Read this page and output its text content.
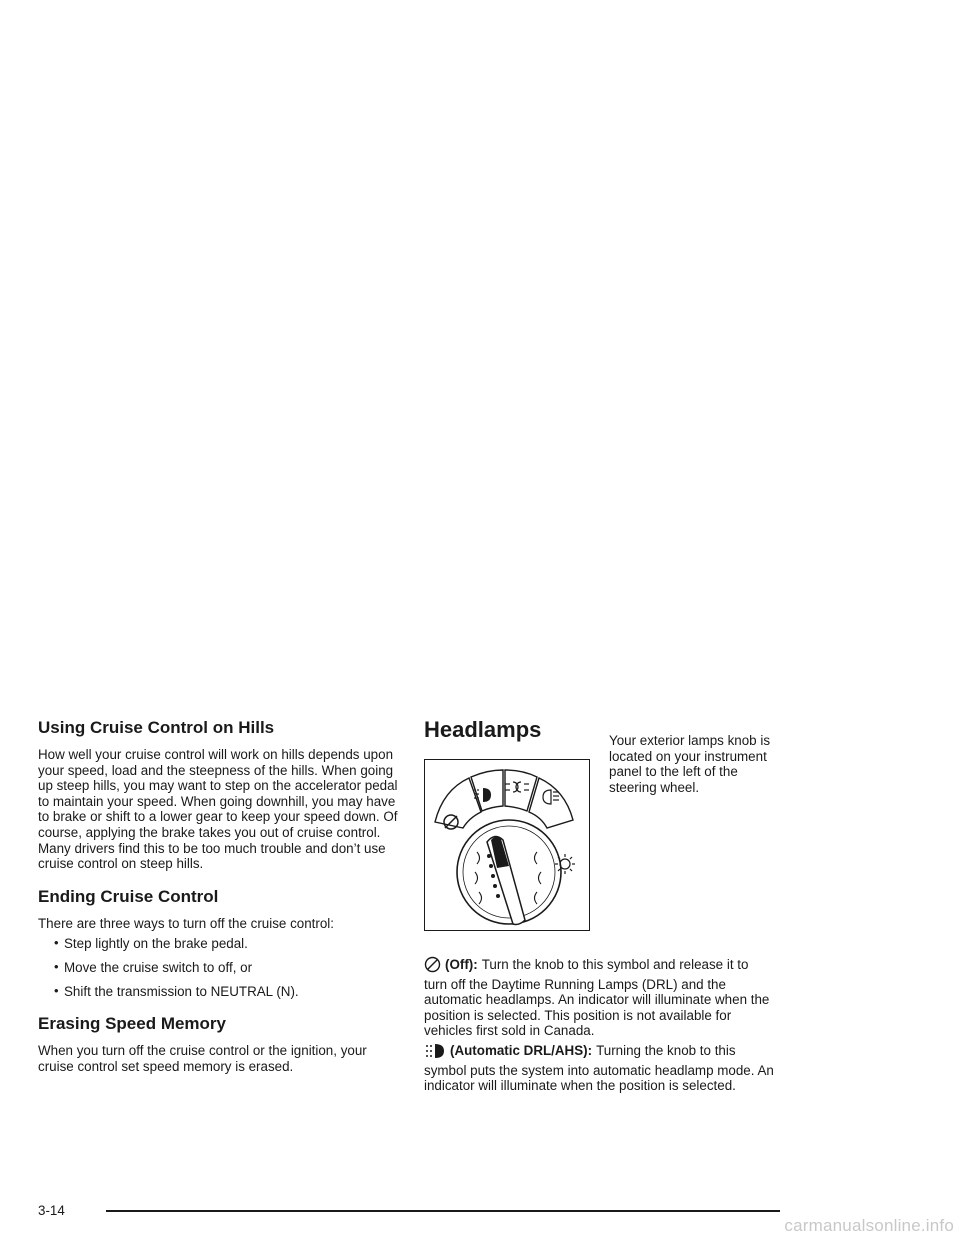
Using Cruise Control on Hills

How well your cruise control will work on hills depends upon your speed, load and the steepness of the hills. When going up steep hills, you may want to step on the accelerator pedal to maintain your speed. When going downhill, you may have to brake or shift to a lower gear to keep your speed down. Of course, applying the brake takes you out of cruise control. Many drivers find this to be too much trouble and don’t use cruise control on steep hills.

Ending Cruise Control

There are three ways to turn off the cruise control:

• Step lightly on the brake pedal.
• Move the cruise switch to off, or
• Shift the transmission to NEUTRAL (N).
Erasing Speed Memory

When you turn off the cruise control or the ignition, your cruise control set speed memory is erased.

Headlamps	Your exterior lamps knob is located on your instrument panel to the left of the steering wheel.

(Off): Turn the knob to this symbol and release it to turn off the Daytime Running Lamps (DRL) and the automatic headlamps. An indicator will illuminate when the position is selected. This position is not available for vehicles first sold in Canada.

(Automatic DRL/AHS): Turning the knob to this symbol puts the system into automatic headlamp mode. An indicator will illuminate when the position is selected.

3-14
carmanualsonline.info
